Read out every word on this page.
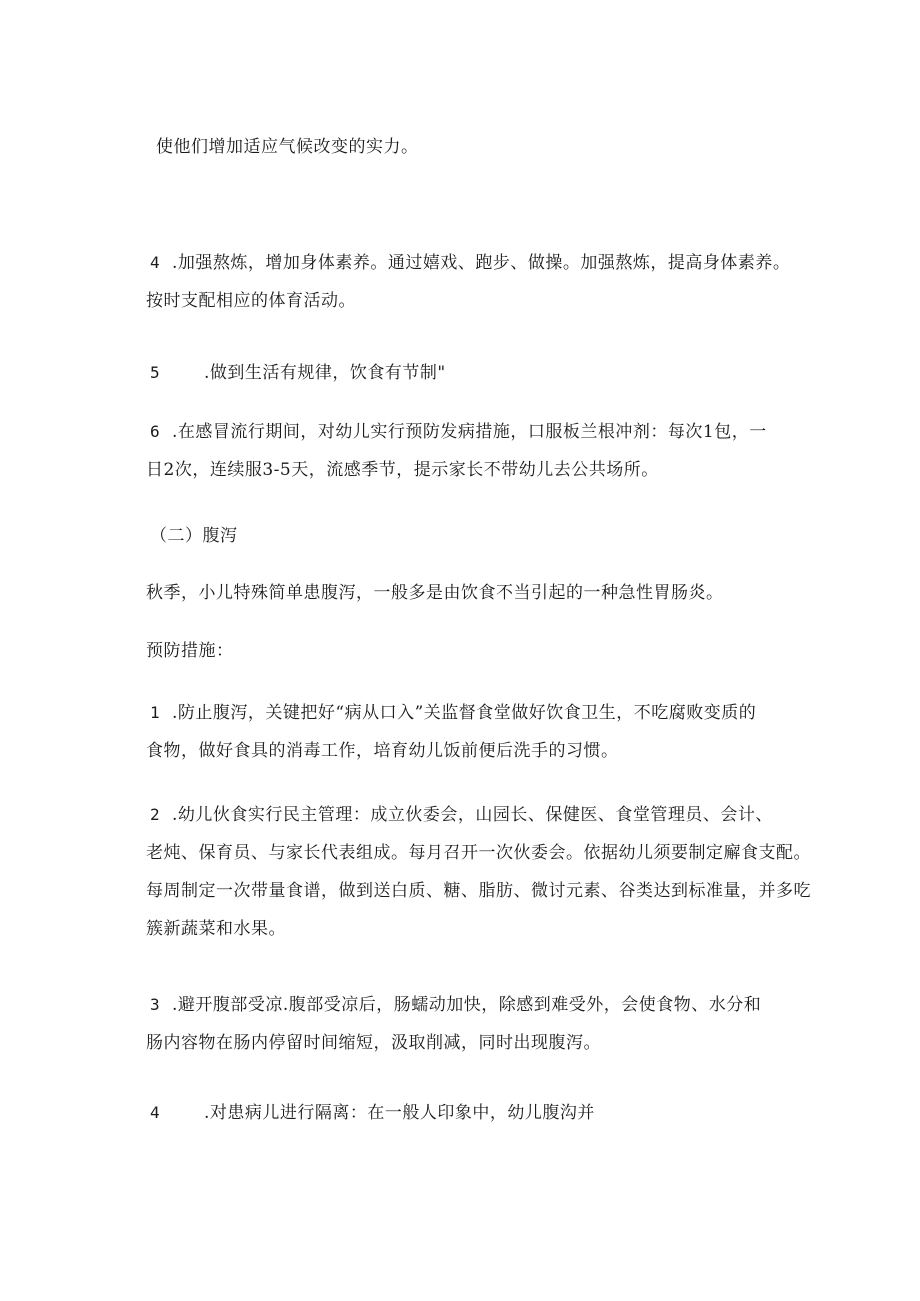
使他们增加适应气候改变的实力。
4 .加强熬炼，增加身体素养。通过嬉戏、跑步、做操。加强熬炼，提高身体素养。
按时支配相应的体育活动。
5	.做到生活有规律，饮食有节制"
6 .在感冒流行期间，对幼儿实行预防发病措施，口服板兰根冲剂：每次1包，一
日2次，连续服3-5天，流感季节，提示家长不带幼儿去公共场所。
（二）腹泻
秋季，小儿特殊简单患腹泻，一般多是由饮食不当引起的一种急性胃肠炎。
预防措施：
1 .防止腹泻，关键把好“病从口入”关监督食堂做好饮食卫生，不吃腐败变质的
食物，做好食具的消毒工作，培育幼儿饭前便后洗手的习惯。
2 .幼儿伙食实行民主管理：成立伙委会，山园长、保健医、食堂管理员、会计、
老炖、保育员、与家长代表组成。每月召开一次伙委会。依据幼儿须要制定廨食支配。
每周制定一次带量食谱，做到送白质、糖、脂肪、微讨元素、谷类达到标准量，并多吃
簇新蔬菜和水果。
3 .避开腹部受凉.腹部受凉后，肠蠕动加快，除感到难受外，会使食物、水分和
肠内容物在肠内停留时间缩短，汲取削减，同时出现腹泻。
4	.对患病儿进行隔离：在一般人印象中，幼儿腹沟并
